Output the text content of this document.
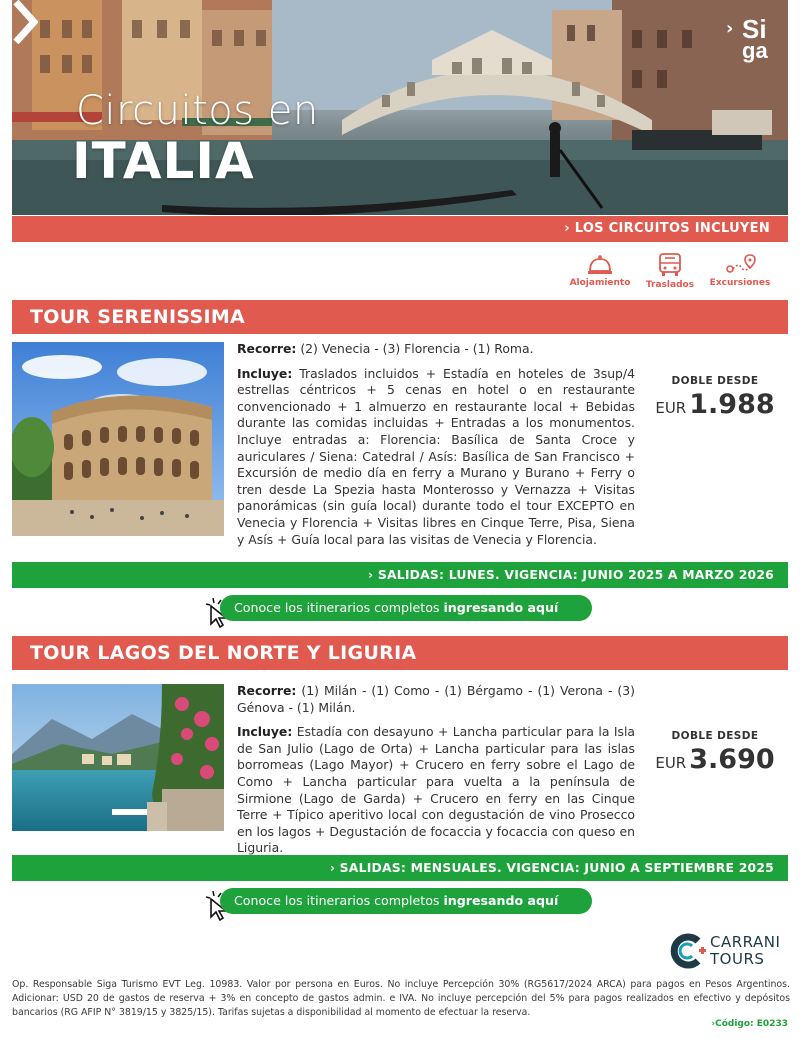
Circuitos en
ITALIA
› Si
ga
› LOS CIRCUITOS INCLUYEN
Alojamiento	Traslados	Excursiones
TOUR SERENISSIMA

Recorre: (2) Venecia - (3) Florencia - (1) Roma.

Incluye: Traslados incluidos + Estadía en hoteles de 3sup/4 estrellas céntricos + 5 cenas en hotel o en restaurante convencionado + 1 almuerzo en restaurante local + Bebidas durante las comidas incluidas + Entradas a los monumentos. Incluye entradas a: Florencia: Basílica de Santa Croce y auriculares / Siena: Catedral / Asís: Basílica de San Francisco + Excursión de medio día en ferry a Murano y Burano + Ferry o tren desde La Spezia hasta Monterosso y Vernazza + Visitas panorámicas (sin guía local) durante todo el tour EXCEPTO en Venecia y Florencia + Visitas libres en Cinque Terre, Pisa, Siena y Asís + Guía local para las visitas de Venecia y Florencia.

DOBLE DESDE
EUR 1.988
› SALIDAS: LUNES. VIGENCIA: JUNIO 2025 A MARZO 2026
Conoce los itinerarios completos ingresando aquí
TOUR LAGOS DEL NORTE Y LIGURIA

Recorre: (1) Milán - (1) Como - (1) Bérgamo - (1) Verona - (3) Génova - (1) Milán.

Incluye: Estadía con desayuno + Lancha particular para la Isla de San Julio (Lago de Orta) + Lancha particular para las islas borromeas (Lago Mayor) + Crucero en ferry sobre el Lago de Como + Lancha particular para vuelta a la península de Sirmione (Lago de Garda) + Crucero en ferry en las Cinque Terre + Típico aperitivo local con degustación de vino Prosecco en los lagos + Degustación de focaccia y focaccia con queso en Liguria.

DOBLE DESDE
EUR 3.690
› SALIDAS: MENSUALES. VIGENCIA: JUNIO A SEPTIEMBRE 2025
Conoce los itinerarios completos ingresando aquí
CARRANI
TOURS
Op. Responsable Siga Turismo EVT Leg. 10983. Valor por persona en Euros. No incluye Percepción 30% (RG5617/2024 ARCA) para pagos en Pesos Argentinos. Adicionar: USD 20 de gastos de reserva + 3% en concepto de gastos admin. e IVA. No incluye percepción del 5% para pagos realizados en efectivo y depósitos bancarios (RG AFIP N° 3819/15 y 3825/15). Tarifas sujetas a disponibilidad al momento de efectuar la reserva.
›Código: E0233
